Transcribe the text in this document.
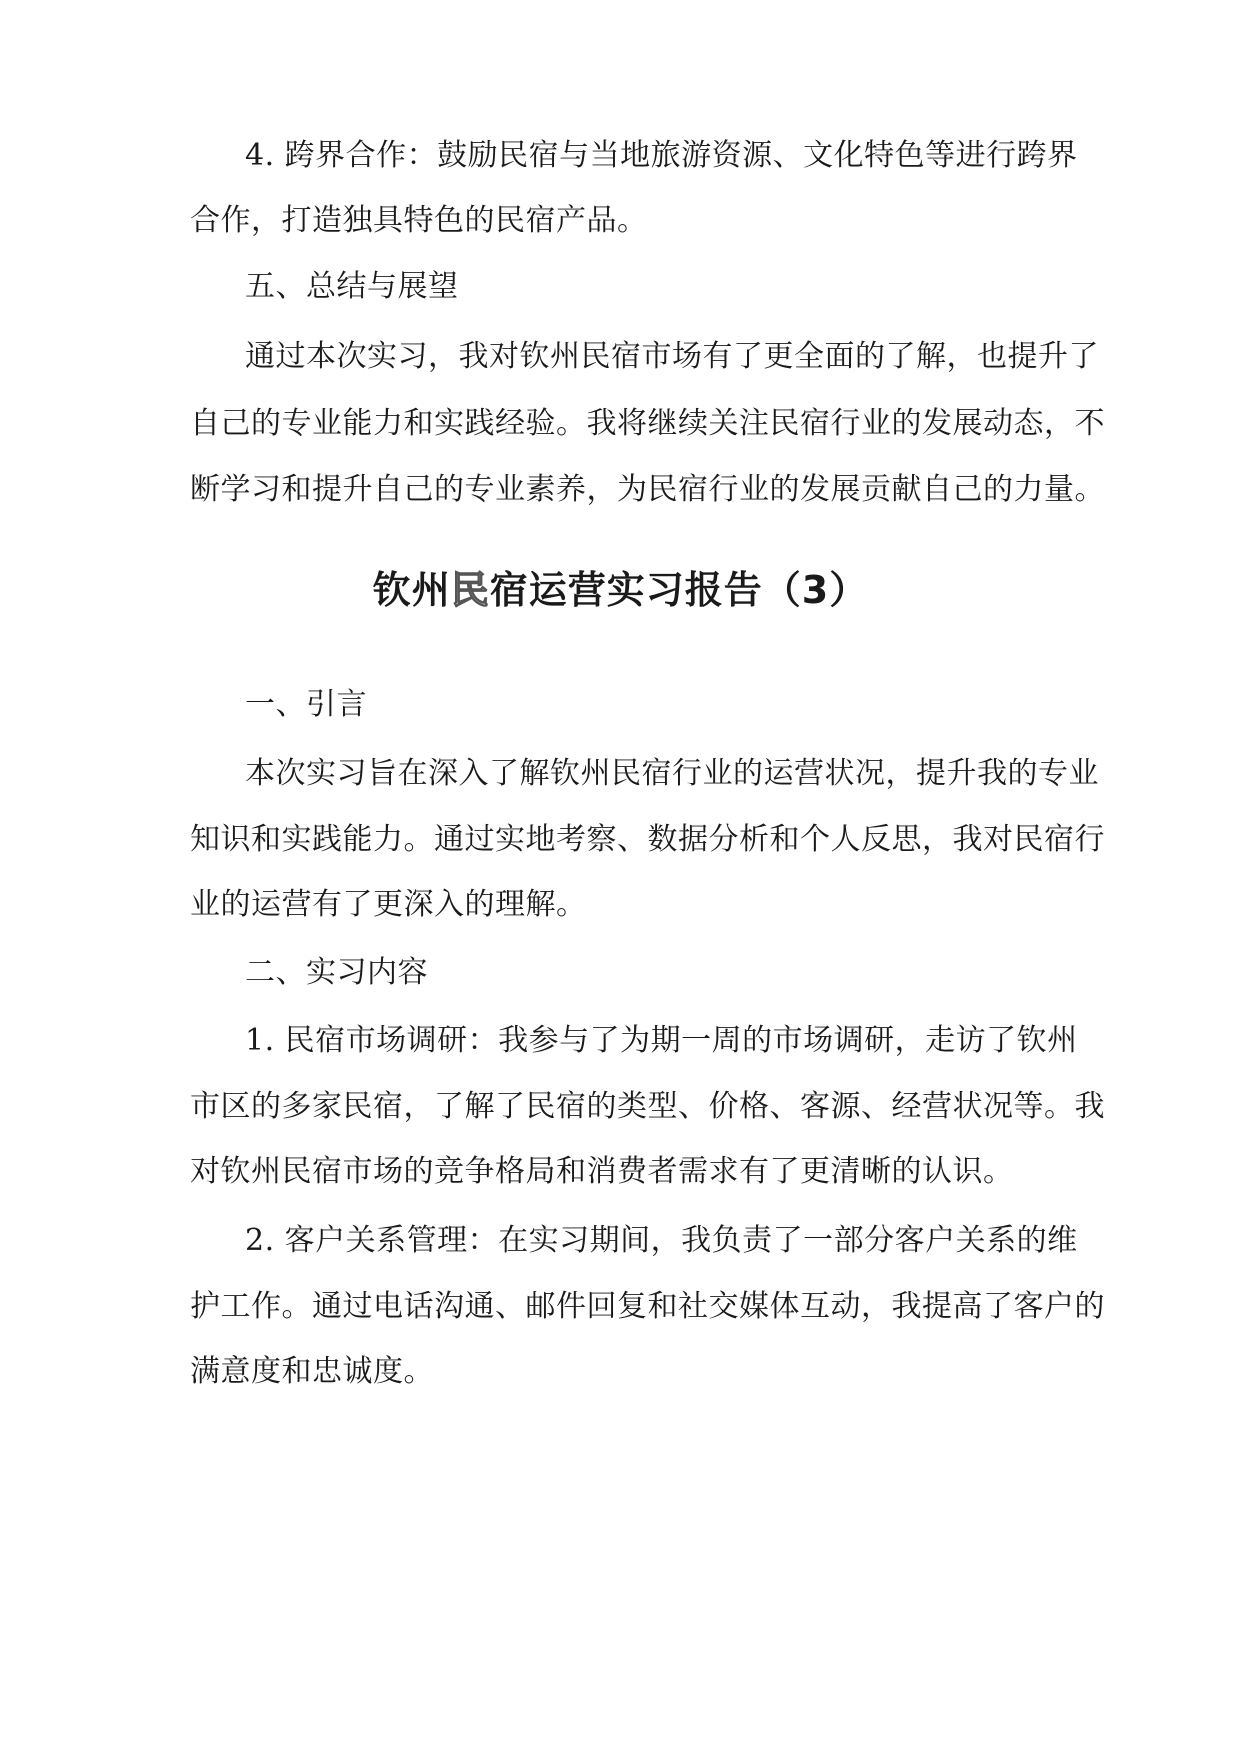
4. 跨界合作：鼓励民宿与当地旅游资源、文化特色等进行跨界
合作，打造独具特色的民宿产品。
五、总结与展望
通过本次实习，我对钦州民宿市场有了更全面的了解，也提升了
自己的专业能力和实践经验。我将继续关注民宿行业的发展动态，不
断学习和提升自己的专业素养，为民宿行业的发展贡献自己的力量。
钦州民宿运营实习报告（3）
一、引言
本次实习旨在深入了解钦州民宿行业的运营状况，提升我的专业
知识和实践能力。通过实地考察、数据分析和个人反思，我对民宿行
业的运营有了更深入的理解。
二、实习内容
1. 民宿市场调研：我参与了为期一周的市场调研，走访了钦州
市区的多家民宿，了解了民宿的类型、价格、客源、经营状况等。我
对钦州民宿市场的竞争格局和消费者需求有了更清晰的认识。
2. 客户关系管理：在实习期间，我负责了一部分客户关系的维
护工作。通过电话沟通、邮件回复和社交媒体互动，我提高了客户的
满意度和忠诚度。
